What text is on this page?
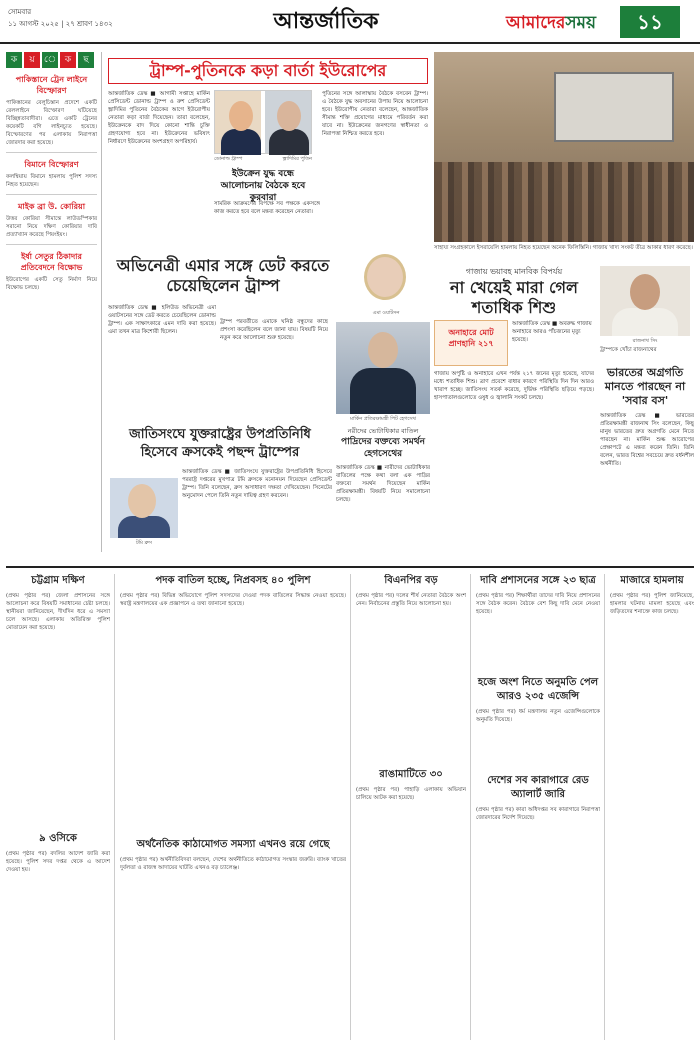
সোমবার
১১ আগস্ট ২০২৫ | ২৭ শ্রাবণ ১৪৩২	আন্তর্জাতিক	আমাদেরসময়	১১
ক	য়	ে ক	ছ
পাকিস্তানে ট্রেন লাইনে বিস্ফোরণ
পাকিস্তানের বেলুচিস্তান প্রদেশে একটি রেললাইনে বিস্ফোরণ ঘটিয়েছে বিচ্ছিন্নতাবাদীরা। এতে একটি ট্রেনের কয়েকটি বগি লাইনচ্যুত হয়েছে। বিস্ফোরণের পর এলাকায় নিরাপত্তা জোরদার করা হয়েছে।
বিমানে বিস্ফোরণ
কলম্বিয়ায় বিমানে হামলায় পুলিশ সদস্য নিহত হয়েছেন।
মাইক ব্রা উ. কোরিয়া
উত্তর কোরিয়া সীমান্তে লাউডস্পিকার সরানো নিয়ে দক্ষিণ কোরিয়ার দাবি প্রত্যাখ্যান করেছে পিয়ংইয়ং।
ইর্ষা সেতুর ঠিকাদার প্রতিবেদনে বিক্ষোভ
ইউরোপের একটি সেতু নির্মাণ নিয়ে বিক্ষোভ চলছে।
ট্রাম্প-পুতিনকে কড়া বার্তা ইউরোপের
আন্তর্জাতিক ডেস্ক ■ আগামী সপ্তাহে মার্কিন প্রেসিডেন্ট ডোনাল্ড ট্রাম্প ও রুশ প্রেসিডেন্ট ভ্লাদিমির পুতিনের বৈঠকের আগে ইউরোপীয় নেতারা কড়া বার্তা দিয়েছেন। তারা বলেছেন, ইউক্রেনকে বাদ দিয়ে কোনো শান্তি চুক্তি গ্রহণযোগ্য হবে না। ইউক্রেনের ভবিষ্যৎ নির্ধারণে ইউক্রেনের অংশগ্রহণ অপরিহার্য।
ডোনাল্ড ট্রাম্প	ভ্লাদিমির পুতিন
ইউক্রেন যুদ্ধ বন্ধে আলোচনায় বৈঠকে হবে কুরবারা
সামরিক আক্রমণের বিপক্ষে সব পক্ষকে একসঙ্গে কাজ করতে হবে বলে মন্তব্য করেছেন নেতারা।
পুতিনের সঙ্গে আলাস্কায় বৈঠকে বসবেন ট্রাম্প। এ বৈঠকে যুদ্ধ অবসানের উপায় নিয়ে আলোচনা হবে। ইউরোপীয় নেতারা বলেছেন, আন্তর্জাতিক সীমান্ত শক্তি প্রয়োগের মাধ্যমে পরিবর্তন করা যাবে না। ইউক্রেনের জনগণের স্বাধীনতা ও নিরাপত্তা নিশ্চিত করতে হবে।
সাহায্য সংগ্রহকালে ইসরায়েলি হামলায় নিহত হয়েছেন অনেক ফিলিস্তিনি। গাজায় খাদ্য সংকট তীব্র আকার ধারণ করেছে।
গাজায় ভয়াবহ মানবিক বিপর্যয়
না খেয়েই মারা গেল শতাধিক শিশু
অনাহারে মোট প্রাণহানি ২১৭
আন্তর্জাতিক ডেস্ক ■ অবরুদ্ধ গাজায় অনাহারে আরও পাঁচজনের মৃত্যু হয়েছে।
গাজায় অপুষ্টি ও অনাহারে এখন পর্যন্ত ২১৭ জনের মৃত্যু হয়েছে, যাদের মধ্যে শতাধিক শিশু। ত্রাণ প্রবেশে বাধার কারণে পরিস্থিতি দিন দিন আরও খারাপ হচ্ছে। জাতিসংঘ সতর্ক করেছে, দুর্ভিক্ষ পরিস্থিতি ছড়িয়ে পড়ছে। হাসপাতালগুলোতে ওষুধ ও জ্বালানি সংকট চলছে।
রাজনাথ সিং
ট্রাম্পকে খোঁচা রাজনাথের
ভারতের অগ্রগতি মানতে পারছেন না 'সবার বস'
আন্তর্জাতিক ডেস্ক ■ ভারতের প্রতিরক্ষামন্ত্রী রাজনাথ সিং বলেছেন, কিছু মানুষ ভারতের দ্রুত অগ্রগতি মেনে নিতে পারছেন না। মার্কিন শুল্ক আরোপের প্রেক্ষাপটে এ মন্তব্য করেন তিনি। তিনি বলেন, ভারত বিশ্বের সবচেয়ে দ্রুত বর্ধনশীল অর্থনীতি।
অভিনেত্রী এমার সঙ্গে ডেট করতে চেয়েছিলেন ট্রাম্প
এমা ওয়াটসন
আন্তর্জাতিক ডেস্ক ■ হলিউড অভিনেত্রী এমা ওয়াটসনের সঙ্গে ডেট করতে চেয়েছিলেন ডোনাল্ড ট্রাম্প। এক সাক্ষাৎকারে এমন দাবি করা হয়েছে। এমা তখন মাত্র কিশোরী ছিলেন।
ট্রাম্প পরবর্তীতে এমাকে ঘনিষ্ঠ বন্ধুদের কাছে প্রশংসা করেছিলেন বলে জানা যায়। বিষয়টি নিয়ে নতুন করে আলোচনা শুরু হয়েছে।
মার্কিন প্রতিরক্ষামন্ত্রী পিট হেগসেথ
নরীদের ভোটাধিকার বাতিল
পাদ্রিদের বক্তব্যে সমর্থন হেগসেথের
আন্তর্জাতিক ডেস্ক ■ নারীদের ভোটাধিকার বাতিলের পক্ষে কথা বলা এক পাদ্রির বক্তব্যে সমর্থন দিয়েছেন মার্কিন প্রতিরক্ষামন্ত্রী। বিষয়টি নিয়ে সমালোচনা চলছে।
জাতিসংঘে যুক্তরাষ্ট্রের উপপ্রতিনিধি হিসেবে ক্রসকেই পছন্দ ট্রাম্পের
টমি ব্রুস
আন্তর্জাতিক ডেস্ক ■ জাতিসংঘে যুক্তরাষ্ট্রের উপপ্রতিনিধি হিসেবে পররাষ্ট্র দপ্তরের মুখপাত্র টমি ব্রুসকে মনোনয়ন দিয়েছেন প্রেসিডেন্ট ট্রাম্প। তিনি বলেছেন, ব্রুস অসাধারণ দক্ষতা দেখিয়েছেন। সিনেটের অনুমোদন পেলে তিনি নতুন দায়িত্ব গ্রহণ করবেন।
চট্টগ্রাম দক্ষিণ
(প্রথম পৃষ্ঠার পর) জেলা প্রশাসনের সঙ্গে আলোচনা করে বিষয়টি সমাধানের চেষ্টা চলছে। স্থানীয়রা জানিয়েছেন, দীর্ঘদিন ধরে এ সমস্যা চলে আসছে। এলাকায় অতিরিক্ত পুলিশ মোতায়েন করা হয়েছে।
৯ ওসিকে
(প্রথম পৃষ্ঠার পর) বদলির আদেশ জারি করা হয়েছে। পুলিশ সদর দপ্তর থেকে এ আদেশ দেওয়া হয়।
পদক বাতিল হচ্ছে, নিপ্রবসহ ৪০ পুলিশ
(প্রথম পৃষ্ঠার পর) বিভিন্ন অভিযোগে পুলিশ সদস্যদের দেওয়া পদক বাতিলের সিদ্ধান্ত নেওয়া হয়েছে। স্বরাষ্ট্র মন্ত্রণালয়ের এক প্রজ্ঞাপনে এ তথ্য জানানো হয়েছে।
অর্থনৈতিক কাঠামোগত সমস্যা এখনও রয়ে গেছে
(প্রথম পৃষ্ঠার পর) অর্থনীতিবিদরা বলছেন, দেশের অর্থনীতিতে কাঠামোগত সংস্কার জরুরি। ব্যাংক খাতের দুর্বলতা ও রাজস্ব আদায়ের ঘাটতি এখনও বড় চ্যালেঞ্জ।
বিএনপির বড়
(প্রথম পৃষ্ঠার পর) দলের শীর্ষ নেতারা বৈঠকে অংশ নেন। নির্বাচনের প্রস্তুতি নিয়ে আলোচনা হয়।
রাঙামাটিতে ৩০
(প্রথম পৃষ্ঠার পর) পাহাড়ি এলাকায় অভিযান চালিয়ে আটক করা হয়েছে।
দাবি প্রশাসনের সঙ্গে ২৩ ছাত্র
(প্রথম পৃষ্ঠার পর) শিক্ষার্থীরা তাদের দাবি নিয়ে প্রশাসনের সঙ্গে বৈঠক করেন। বৈঠকে বেশ কিছু দাবি মেনে নেওয়া হয়েছে।
হজে অংশ নিতে অনুমতি পেল আরও ২৩৫ এজেন্সি
(প্রথম পৃষ্ঠার পর) ধর্ম মন্ত্রণালয় নতুন এজেন্সিগুলোকে অনুমতি দিয়েছে।
দেশের সব কারাগারে রেড অ্যালার্ট জারি
(প্রথম পৃষ্ঠার পর) কারা অধিদপ্তর সব কারাগারে নিরাপত্তা জোরদারের নির্দেশ দিয়েছে।
মাজারে হামলায়
(প্রথম পৃষ্ঠার পর) পুলিশ জানিয়েছে, হামলার ঘটনায় মামলা হয়েছে এবং জড়িতদের শনাক্তে কাজ চলছে।
